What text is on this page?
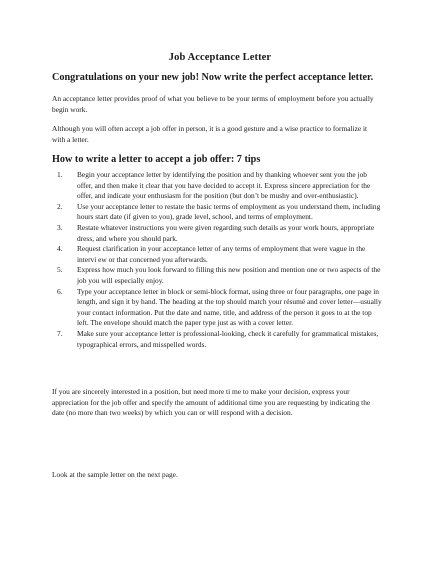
Job Acceptance Letter
Congratulations on your new job! Now write the perfect acceptance letter.
An acceptance letter provides proof of what you believe to be your terms of employment before you actually begin work.
Although you will often accept a job offer in person, it is a good gesture and a wise practice to formalize it with a letter.
How to write a letter to accept a job offer: 7 tips
1. Begin your acceptance letter by identifying the position and by thanking whoever sent you the job offer, and then make it clear that you have decided to accept it. Express sincere appreciation for the offer, and indicate your enthusiasm for the position (but don’t be mushy and over-enthusiastic).
2. Use your acceptance letter to restate the basic terms of employment as you understand them, including hours start date (if given to you), grade level, school, and terms of employment.
3. Restate whatever instructions you were given regarding such details as your work hours, appropriate dress, and where you should park.
4. Request clarification in your acceptance letter of any terms of employment that were vague in the intervi ew or that concerned you afterwards.
5. Express how much you look forward to filling this new position and mention one or two aspects of the job you will especially enjoy.
6. Type your acceptance letter in block or semi-block format, using three or four paragraphs, one page in length, and sign it by hand. The heading at the top should match your résumé and cover letter—usually your contact information. Put the date and name, title, and address of the person it goes to at the top left. The envelope should match the paper type just as with a cover letter.
7. Make sure your acceptance letter is professional-looking, check it carefully for grammatical mistakes, typographical errors, and misspelled words.
If you are sincerely interested in a position, but need more ti me to make your decision, express your appreciation for the job offer and specify the amount of additional time you are requesting by indicating the date (no more than two weeks) by which you can or will respond with a decision.
Look at the sample letter on the next page.
